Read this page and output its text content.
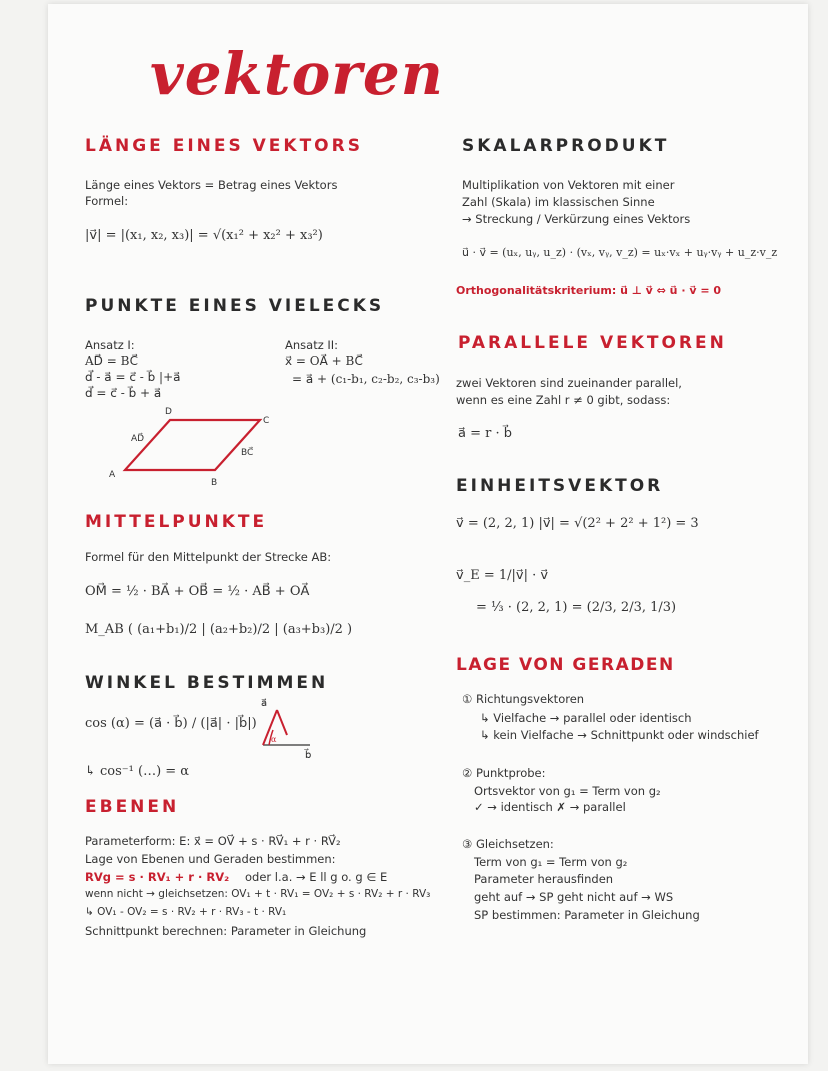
vektoren
LÄNGE EINES VEKTORS
Länge eines Vektors = Betrag eines Vektors
Formel:
|v⃗| = |(x₁, x₂, x₃)| = √(x₁² + x₂² + x₃²)
PUNKTE EINES VIELECKS
Ansatz I:
AD⃗ = BC⃗
d⃗ - a⃗ = c⃗ - b⃗ |+a⃗
d⃗ = c⃗ - b⃗ + a⃗
Ansatz II:
x⃗ = OA⃗ + BC⃗
= a⃗ + (c₁-b₁, c₂-b₂, c₃-b₃)
A
B
C
D
AD⃗
BC⃗
MITTELPUNKTE
Formel für den Mittelpunkt der Strecke AB:
OM⃗ = ½ · BA⃗ + OB⃗ = ½ · AB⃗ + OA⃗
M_AB ( (a₁+b₁)/2 | (a₂+b₂)/2 | (a₃+b₃)/2 )
WINKEL BESTIMMEN
cos (α) = (a⃗ · b⃗) / (|a⃗| · |b⃗|)
↳ cos⁻¹ (…) = α
a⃗
b⃗
α
EBENEN
Parameterform: E: x⃗ = OV⃗ + s · RV⃗₁ + r · RV⃗₂
Lage von Ebenen und Geraden bestimmen:
RVg = s · RV₁ + r · RV₂ oder l.a. → E ll g o. g ∈ E
wenn nicht → gleichsetzen: OV₁ + t · RV₁ = OV₂ + s · RV₂ + r · RV₃
↳ OV₁ - OV₂ = s · RV₂ + r · RV₃ - t · RV₁
Schnittpunkt berechnen: Parameter in Gleichung
SKALARPRODUKT
Multiplikation von Vektoren mit einer
Zahl (Skala) im klassischen Sinne
→ Streckung / Verkürzung eines Vektors
u⃗ · v⃗ = (uₓ, uᵧ, u_z) · (vₓ, vᵧ, v_z) = uₓ·vₓ + uᵧ·vᵧ + u_z·v_z
Orthogonalitätskriterium: u⃗ ⊥ v⃗ ⇔ u⃗ · v⃗ = 0
PARALLELE VEKTOREN
zwei Vektoren sind zueinander parallel,
wenn es eine Zahl r ≠ 0 gibt, sodass:
a⃗ = r · b⃗
EINHEITSVEKTOR
v⃗ = (2, 2, 1) |v⃗| = √(2² + 2² + 1²) = 3
v⃗_E = 1/|v⃗| · v⃗
= ⅓ · (2, 2, 1) = (2/3, 2/3, 1/3)
LAGE VON GERADEN
① Richtungsvektoren
↳ Vielfache → parallel oder identisch
↳ kein Vielfache → Schnittpunkt oder windschief
② Punktprobe:
Ortsvektor von g₁ = Term von g₂
✓ → identisch ✗ → parallel
③ Gleichsetzen:
Term von g₁ = Term von g₂
Parameter herausfinden
geht auf → SP geht nicht auf → WS
SP bestimmen: Parameter in Gleichung
